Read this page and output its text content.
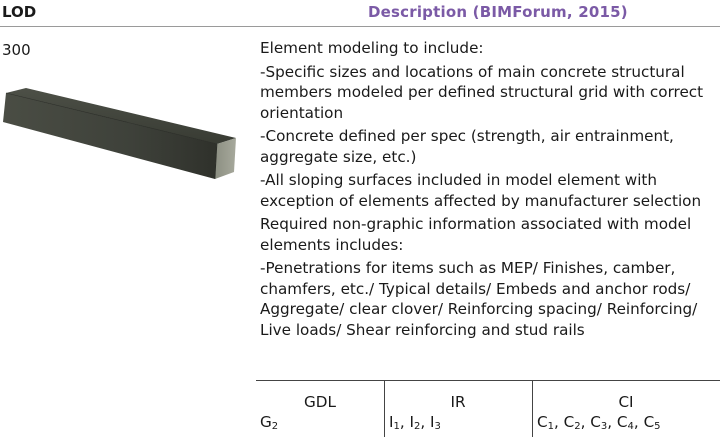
LOD	Description (BIMForum, 2015)
300	Element modeling to include:

-Specific sizes and locations of main concrete structural members modeled per defined structural grid with correct orientation

-Concrete defined per spec (strength, air entrainment, aggregate size, etc.)

-All sloping surfaces included in model element with exception of elements affected by manufacturer selection

Required non-graphic information associated with model elements includes:

-Penetrations for items such as MEP/ Finishes, camber, chamfers, etc./ Typical details/ Embeds and anchor rods/ Aggregate/ clear clover/ Reinforcing spacing/ Reinforcing/ Live loads/ Shear reinforcing and stud rails

GDL	IR	CI
$G_2$	$I_1$, $I_2$, $I_3$	$C_1$, $C_2$, $C_3$, $C_4$, $C_5$
